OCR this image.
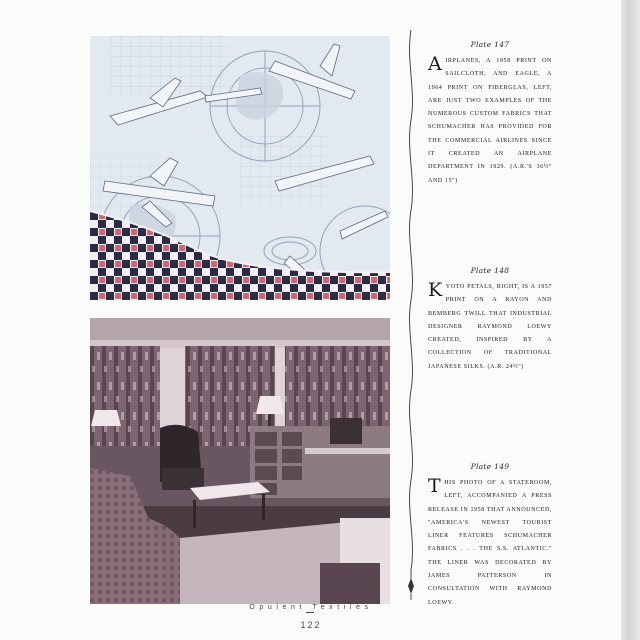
Plate 147
AIRPLANES, A 1958 PRINT ON SAILCLOTH, AND EAGLE, A 1964 PRINT ON FIBERGLAS, LEFT, ARE JUST TWO EXAMPLES OF THE NUMEROUS CUSTOM FABRICS THAT SCHUMACHER HAS PROVIDED FOR THE COMMERCIAL AIRLINES SINCE IT CREATED AN AIRPLANE DEPARTMENT IN 1929. (A.R.'S 36½" AND 15")
Plate 148
KYOTO PETALS, RIGHT, IS A 1957 PRINT ON A RAYON AND BEMBERG TWILL THAT INDUSTRIAL DESIGNER RAYMOND LOEWY CREATED, INSPIRED BY A COLLECTION OF TRADITIONAL JAPANESE SILKS. (A.R. 24½")
Plate 149
THIS PHOTO OF A STATEROOM, LEFT, ACCOMPANIED A PRESS RELEASE IN 1958 THAT ANNOUNCED, "AMERICA'S NEWEST TOURIST LINER FEATURES SCHUMACHER FABRICS . . . THE S.S. ATLANTIC." THE LINER WAS DECORATED BY JAMES PATTERSON IN CONSULTATION WITH RAYMOND LOEWY.
Opulent Textiles
122
